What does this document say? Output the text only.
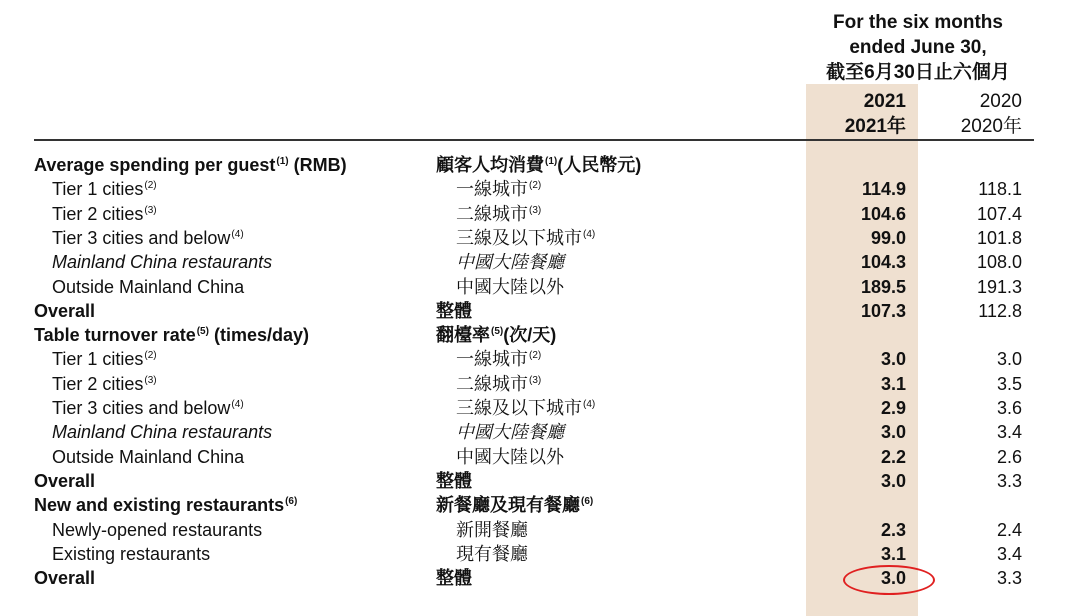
For the six months
ended June 30,
截至6月30日止六個月
2021
2021年
2020
2020年
Average spending per guest$^{(1)}$ (RMB)	顧客人均消費$^{(1)}$(人民幣元)
Tier 1 cities$^{(2)}$	一線城市$^{(2)}$	114.9	118.1
Tier 2 cities$^{(3)}$	二線城市$^{(3)}$	104.6	107.4
Tier 3 cities and below$^{(4)}$	三線及以下城市$^{(4)}$	99.0	101.8
Mainland China restaurants	中國大陸餐廳	104.3	108.0
Outside Mainland China	中國大陸以外	189.5	191.3
Overall	整體	107.3	112.8
Table turnover rate$^{(5)}$ (times/day)	翻檯率$^{(5)}$(次/天)
Tier 1 cities$^{(2)}$	一線城市$^{(2)}$	3.0	3.0
Tier 2 cities$^{(3)}$	二線城市$^{(3)}$	3.1	3.5
Tier 3 cities and below$^{(4)}$	三線及以下城市$^{(4)}$	2.9	3.6
Mainland China restaurants	中國大陸餐廳	3.0	3.4
Outside Mainland China	中國大陸以外	2.2	2.6
Overall	整體	3.0	3.3
New and existing restaurants$^{(6)}$	新餐廳及現有餐廳$^{(6)}$
Newly-opened restaurants	新開餐廳	2.3	2.4
Existing restaurants	現有餐廳	3.1	3.4
Overall	整體	3.0	3.3
